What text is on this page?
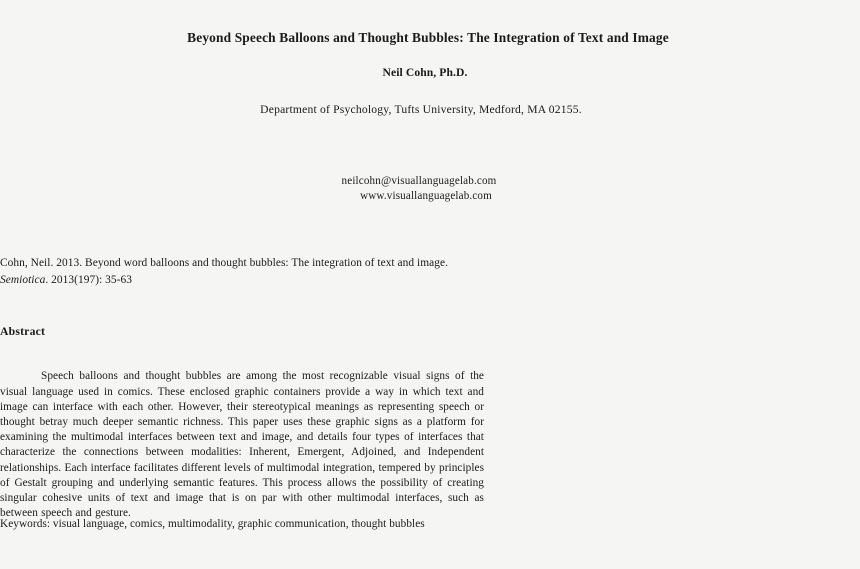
Beyond Speech Balloons and Thought Bubbles: The Integration of Text and Image
Neil Cohn, Ph.D.
Department of Psychology, Tufts University, Medford, MA 02155.
neilcohn@visuallanguagelab.com
www.visuallanguagelab.com
Cohn, Neil. 2013. Beyond word balloons and thought bubbles: The integration of text and image. Semiotica. 2013(197): 35-63
Abstract

Speech balloons and thought bubbles are among the most recognizable visual signs of the visual language used in comics. These enclosed graphic containers provide a way in which text and image can interface with each other. However, their stereotypical meanings as representing speech or thought betray much deeper semantic richness. This paper uses these graphic signs as a platform for examining the multimodal interfaces between text and image, and details four types of interfaces that characterize the connections between modalities: Inherent, Emergent, Adjoined, and Independent relationships. Each interface facilitates different levels of multimodal integration, tempered by principles of Gestalt grouping and underlying semantic features. This process allows the possibility of creating singular cohesive units of text and image that is on par with other multimodal interfaces, such as between speech and gesture.

Keywords: visual language, comics, multimodality, graphic communication, thought bubbles
